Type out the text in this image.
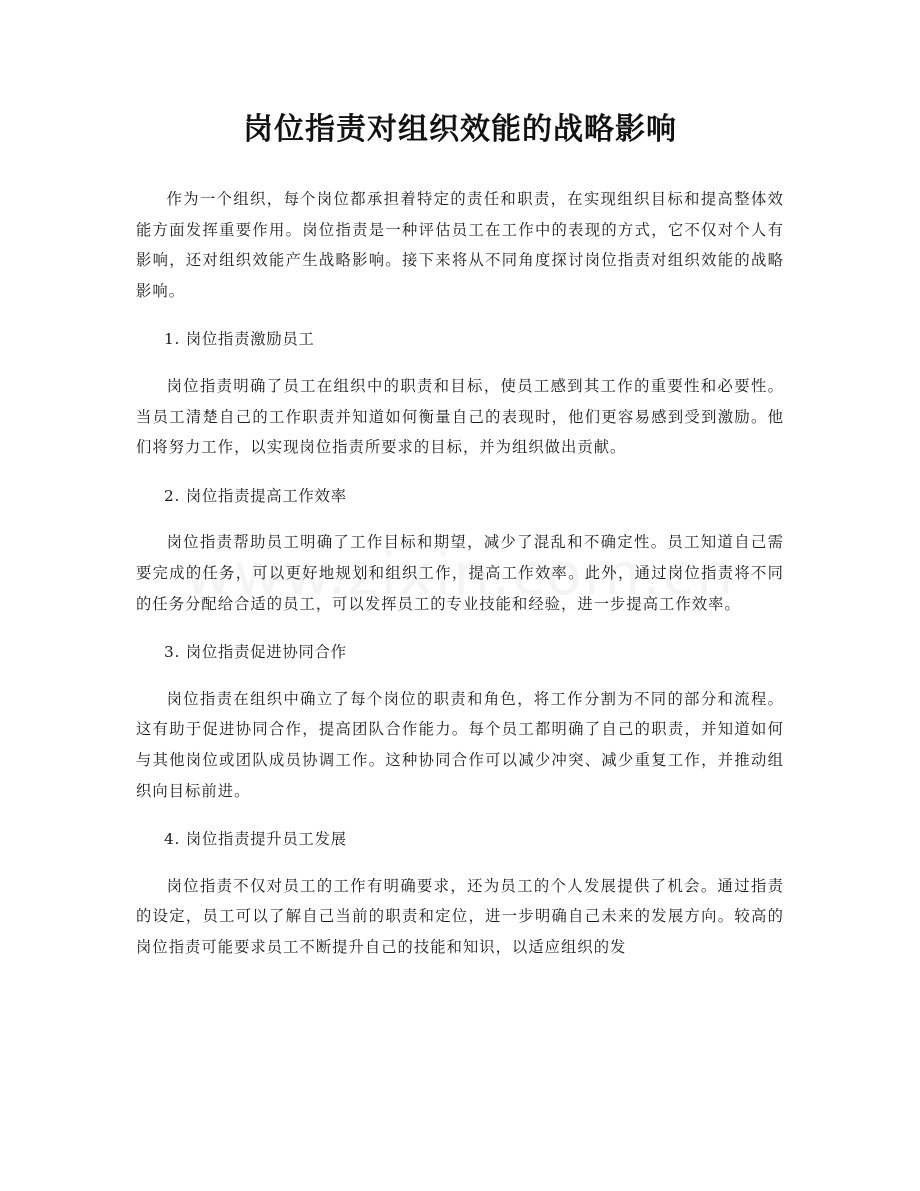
岗位指责对组织效能的战略影响

作为一个组织，每个岗位都承担着特定的责任和职责，在实现组织目标和提高整体效能方面发挥重要作用。岗位指责是一种评估员工在工作中的表现的方式，它不仅对个人有影响，还对组织效能产生战略影响。接下来将从不同角度探讨岗位指责对组织效能的战略影响。

1. 岗位指责激励员工

岗位指责明确了员工在组织中的职责和目标，使员工感到其工作的重要性和必要性。当员工清楚自己的工作职责并知道如何衡量自己的表现时，他们更容易感到受到激励。他们将努力工作，以实现岗位指责所要求的目标，并为组织做出贡献。

2. 岗位指责提高工作效率

岗位指责帮助员工明确了工作目标和期望，减少了混乱和不确定性。员工知道自己需要完成的任务，可以更好地规划和组织工作，提高工作效率。此外，通过岗位指责将不同的任务分配给合适的员工，可以发挥员工的专业技能和经验，进一步提高工作效率。

3. 岗位指责促进协同合作

岗位指责在组织中确立了每个岗位的职责和角色，将工作分割为不同的部分和流程。这有助于促进协同合作，提高团队合作能力。每个员工都明确了自己的职责，并知道如何与其他岗位或团队成员协调工作。这种协同合作可以减少冲突、减少重复工作，并推动组织向目标前进。

4. 岗位指责提升员工发展

岗位指责不仅对员工的工作有明确要求，还为员工的个人发展提供了机会。通过指责的设定，员工可以了解自己当前的职责和定位，进一步明确自己未来的发展方向。较高的岗位指责可能要求员工不断提升自己的技能和知识，以适应组织的发
